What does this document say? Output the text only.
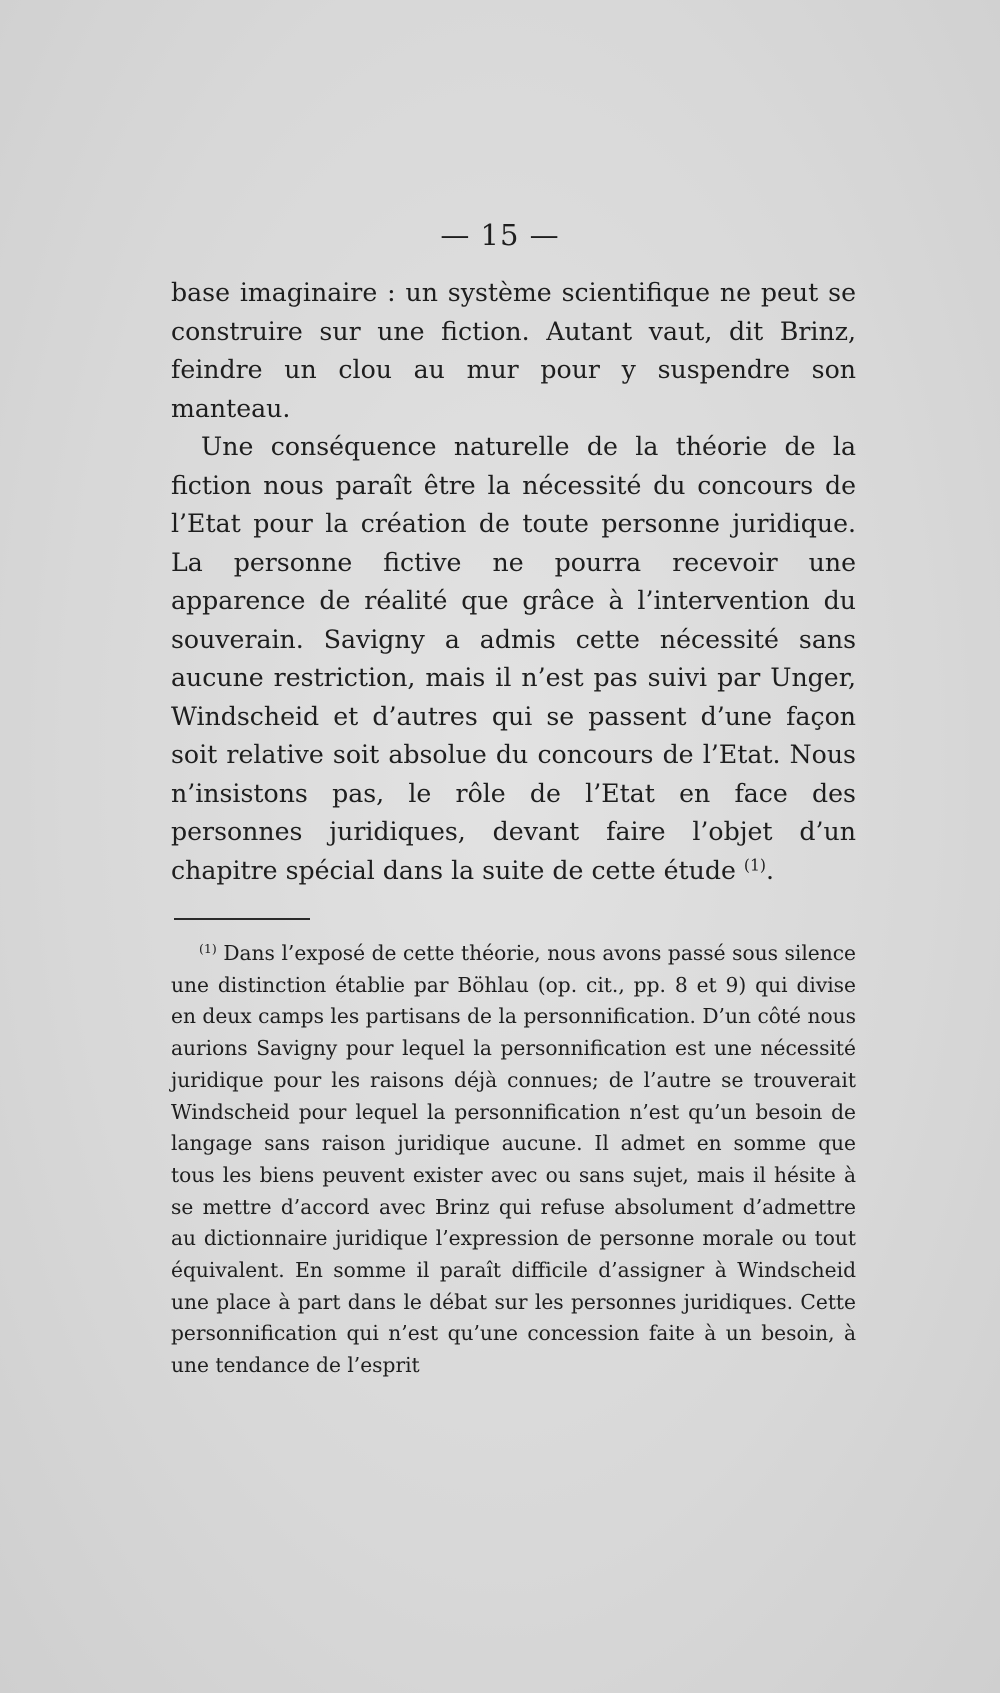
— 15 —

base imaginaire : un système scientifique ne peut se construire sur une fiction. Autant vaut, dit Brinz, feindre un clou au mur pour y suspendre son manteau.

Une conséquence naturelle de la théorie de la fiction nous paraît être la nécessité du concours de l’Etat pour la création de toute personne juridique. La personne fictive ne pourra recevoir une apparence de réalité que grâce à l’intervention du souverain. Savigny a admis cette nécessité sans aucune restriction, mais il n’est pas suivi par Unger, Windscheid et d’autres qui se passent d’une façon soit relative soit absolue du concours de l’Etat. Nous n’insistons pas, le rôle de l’Etat en face des personnes juridiques, devant faire l’objet d’un chapitre spécial dans la suite de cette étude $^{(1)}$.

$^{(1)}$ Dans l’exposé de cette théorie, nous avons passé sous silence une distinction établie par Böhlau (op. cit., pp. 8 et 9) qui divise en deux camps les partisans de la personnification. D’un côté nous aurions Savigny pour lequel la personnification est une nécessité juridique pour les raisons déjà connues; de l’autre se trouverait Windscheid pour lequel la personnification n’est qu’un besoin de langage sans raison juridique aucune. Il admet en somme que tous les biens peuvent exister avec ou sans sujet, mais il hésite à se mettre d’accord avec Brinz qui refuse absolument d’admettre au dictionnaire juridique l’expression de personne morale ou tout équivalent. En somme il paraît difficile d’assigner à Windscheid une place à part dans le débat sur les personnes juridiques. Cette personnification qui n’est qu’une concession faite à un besoin, à une tendance de l’esprit
